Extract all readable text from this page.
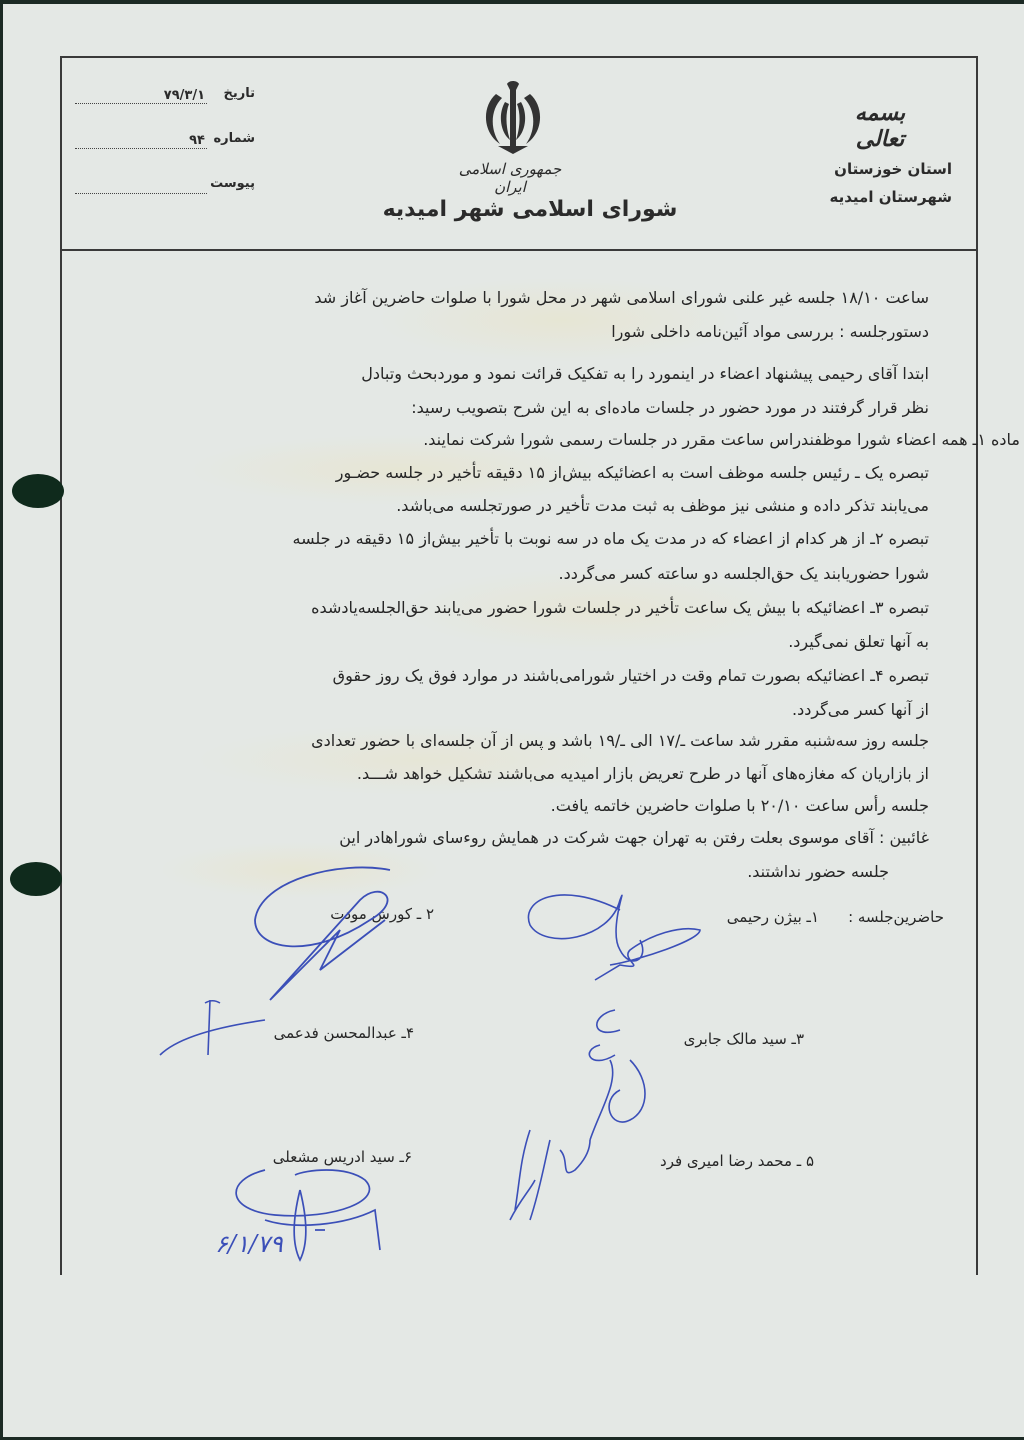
۷۹/۳/۱ تاریخ
۹۴ شماره
پیوست
جمهوری اسلامی ایران
شورای اسلامی شهر امیدیه
بسمه تعالی
استان خوزستان
شهرستان امیدیه
ساعت ۱۸/۱۰ جلسه غیر علنی شورای اسلامی شهر در محل شورا با صلوات حاضرین آغاز شد
دستورجلسه : بررسی مواد آئین‌نامه داخلی شورا
ابتدا آقای رحیمی پیشنهاد اعضاء در اینمورد را به تفکیک قرائت نمود و موردبحث وتبادل
نظر قرار گرفتند در مورد حضور در جلسات ماده‌ای به این شرح بتصویب رسید:
ماده ۱ـ همه اعضاء شورا موظفندراس ساعت مقرر در جلسات رسمی شورا شرکت نمایند.
تبصره یک ـ رئیس جلسه موظف است به اعضائیکه بیش‌از ۱۵ دقیقه تأخیر در جلسه حضـور
می‌یابند تذکر داده و منشی نیز موظف به ثبت مدت تأخیر در صورتجلسه می‌باشد.
تبصره ۲ـ از هر کدام از اعضاء که در مدت یک ماه در سه نوبت با تأخیر بیش‌از ۱۵ دقیقه در جلسه
شورا حضوریابند یک حق‌الجلسه دو ساعته کسر می‌گردد.
تبصره ۳ـ اعضائیکه با بیش یک ساعت تأخیر در جلسات شورا حضور می‌یابند حق‌الجلسه‌یادشده
به آنها تعلق نمی‌گیرد.
تبصره ۴ـ اعضائیکه بصورت تمام وقت در اختیار شورامی‌باشند در موارد فوق یک روز حقوق
از آنها کسر می‌گردد.
جلسه روز سه‌شنبه مقرر شد ساعت ـ/۱۷ الی ـ/۱۹ باشد و پس از آن جلسه‌ای با حضور تعدادی
از بازاریان که مغازه‌های آنها در طرح تعریض بازار امیدیه می‌باشند تشکیل خواهد شـــد.
جلسه رأس ساعت ۲۰/۱۰ با صلوات حاضرین خاتمه یافت.
غائبین : آقای موسوی بعلت رفتن به تهران جهت شرکت در همایش روءسای شوراهادر این
جلسه حضور نداشتند.
حاضرین‌جلسه :
۱ـ بیژن رحیمی
۲ ـ کورش مودت
۳ـ سید مالک جابری
۴ـ عبدالمحسن فدعمی
۵ ـ محمد رضا امیری فرد
۶ـ سید ادریس مشعلی
۶/۱/۷۹
